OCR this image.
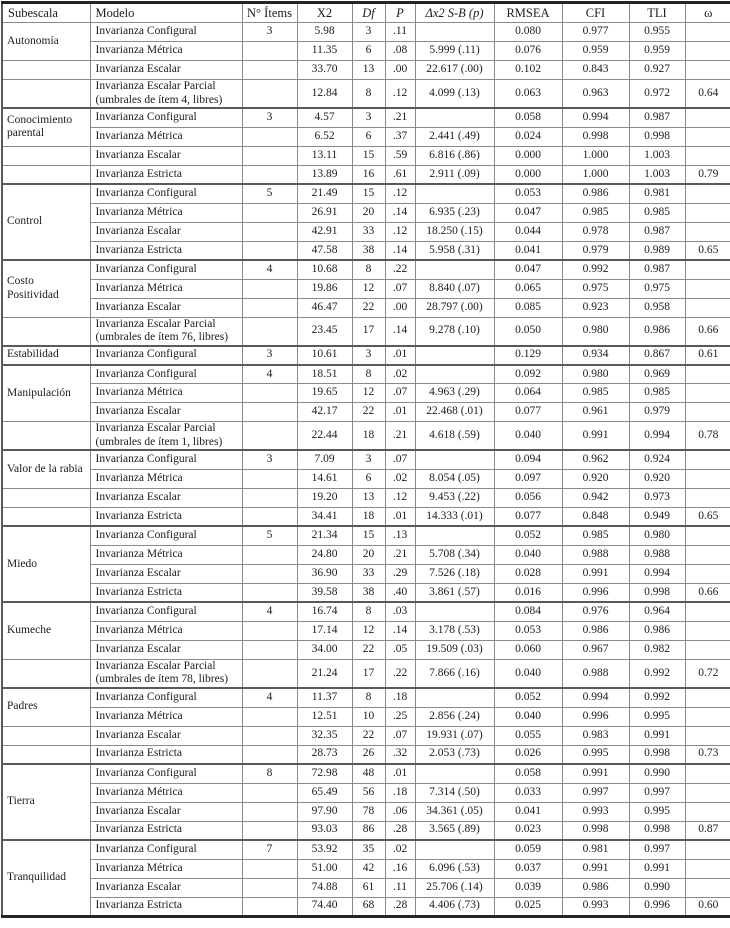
Subescala	Modelo	N° Ítems	X2	Df	P	Δx2 S-B (p)	RMSEA	CFI	TLI	ω
Autonomía	Invarianza Configural	3	5.98	3	.11		0.080	0.977	0.955	
	Invarianza Métrica		11.35	6	.08	5.999 (.11)	0.076	0.959	0.959	
	Invarianza Escalar		33.70	13	.00	22.617 (.00)	0.102	0.843	0.927	

	Invarianza Escalar Parcial
(umbrales de ítem 4, libres)		12.84	8	.12	4.099 (.13)	0.063	0.963	0.972	0.64
Conocimiento parental	Invarianza Configural	3	4.57	3	.21		0.058	0.994	0.987	
	Invarianza Métrica		6.52	6	.37	2.441 (.49)	0.024	0.998	0.998	
	Invarianza Escalar		13.11	15	.59	6.816 (.86)	0.000	1.000	1.003	
	Invarianza Estricta		13.89	16	.61	2.911 (.09)	0.000	1.000	1.003	0.79
Control	Invarianza Configural	5	21.49	15	.12		0.053	0.986	0.981	
	Invarianza Métrica		26.91	20	.14	6.935 (.23)	0.047	0.985	0.985	
	Invarianza Escalar		42.91	33	.12	18.250 (.15)	0.044	0.978	0.987	
	Invarianza Estricta		47.58	38	.14	5.958 (.31)	0.041	0.979	0.989	0.65
Costo Positividad	Invarianza Configural	4	10.68	8	.22		0.047	0.992	0.987	
	Invarianza Métrica		19.86	12	.07	8.840 (.07)	0.065	0.975	0.975	
	Invarianza Escalar		46.47	22	.00	28.797 (.00)	0.085	0.923	0.958	

	Invarianza Escalar Parcial
(umbrales de ítem 76, libres)		23.45	17	.14	9.278 (.10)	0.050	0.980	0.986	0.66
Estabilidad	Invarianza Configural	3	10.61	3	.01		0.129	0.934	0.867	0.61
Manipulación	Invarianza Configural	4	18.51	8	.02		0.092	0.980	0.969	
	Invarianza Métrica		19.65	12	.07	4.963 (.29)	0.064	0.985	0.985	
	Invarianza Escalar		42.17	22	.01	22.468 (.01)	0.077	0.961	0.979	

	Invarianza Escalar Parcial
(umbrales de ítem 1, libres)		22.44	18	.21	4.618 (.59)	0.040	0.991	0.994	0.78
Valor de la rabia	Invarianza Configural	3	7.09	3	.07		0.094	0.962	0.924	
	Invarianza Métrica		14.61	6	.02	8.054 (.05)	0.097	0.920	0.920	
	Invarianza Escalar		19.20	13	.12	9.453 (.22)	0.056	0.942	0.973	
	Invarianza Estricta		34.41	18	.01	14.333 (.01)	0.077	0.848	0.949	0.65
Miedo	Invarianza Configural	5	21.34	15	.13		0.052	0.985	0.980	
	Invarianza Métrica		24.80	20	.21	5.708 (.34)	0.040	0.988	0.988	
	Invarianza Escalar		36.90	33	.29	7.526 (.18)	0.028	0.991	0.994	
	Invarianza Estricta		39.58	38	.40	3.861 (.57)	0.016	0.996	0.998	0.66
Kumeche	Invarianza Configural	4	16.74	8	.03		0.084	0.976	0.964	
	Invarianza Métrica		17.14	12	.14	3.178 (.53)	0.053	0.986	0.986	
	Invarianza Escalar		34.00	22	.05	19.509 (.03)	0.060	0.967	0.982	

	Invarianza Escalar Parcial
(umbrales de ítem 78, libres)		21.24	17	.22	7.866 (.16)	0.040	0.988	0.992	0.72
Padres	Invarianza Configural	4	11.37	8	.18		0.052	0.994	0.992	
	Invarianza Métrica		12.51	10	.25	2.856 (.24)	0.040	0.996	0.995	
	Invarianza Escalar		32.35	22	.07	19.931 (.07)	0.055	0.983	0.991	
	Invarianza Estricta		28.73	26	.32	2.053 (.73)	0.026	0.995	0.998	0.73
Tierra	Invarianza Configural	8	72.98	48	.01		0.058	0.991	0.990	
	Invarianza Métrica		65.49	56	.18	7.314 (.50)	0.033	0.997	0.997	
	Invarianza Escalar		97.90	78	.06	34.361 (.05)	0.041	0.993	0.995	
	Invarianza Estricta		93.03	86	.28	3.565 (.89)	0.023	0.998	0.998	0.87
Tranquilidad	Invarianza Configural	7	53.92	35	.02		0.059	0.981	0.997	
	Invarianza Métrica		51.00	42	.16	6.096 (.53)	0.037	0.991	0.991	
	Invarianza Escalar		74.88	61	.11	25.706 (.14)	0.039	0.986	0.990	
	Invarianza Estricta		74.40	68	.28	4.406 (.73)	0.025	0.993	0.996	0.60
